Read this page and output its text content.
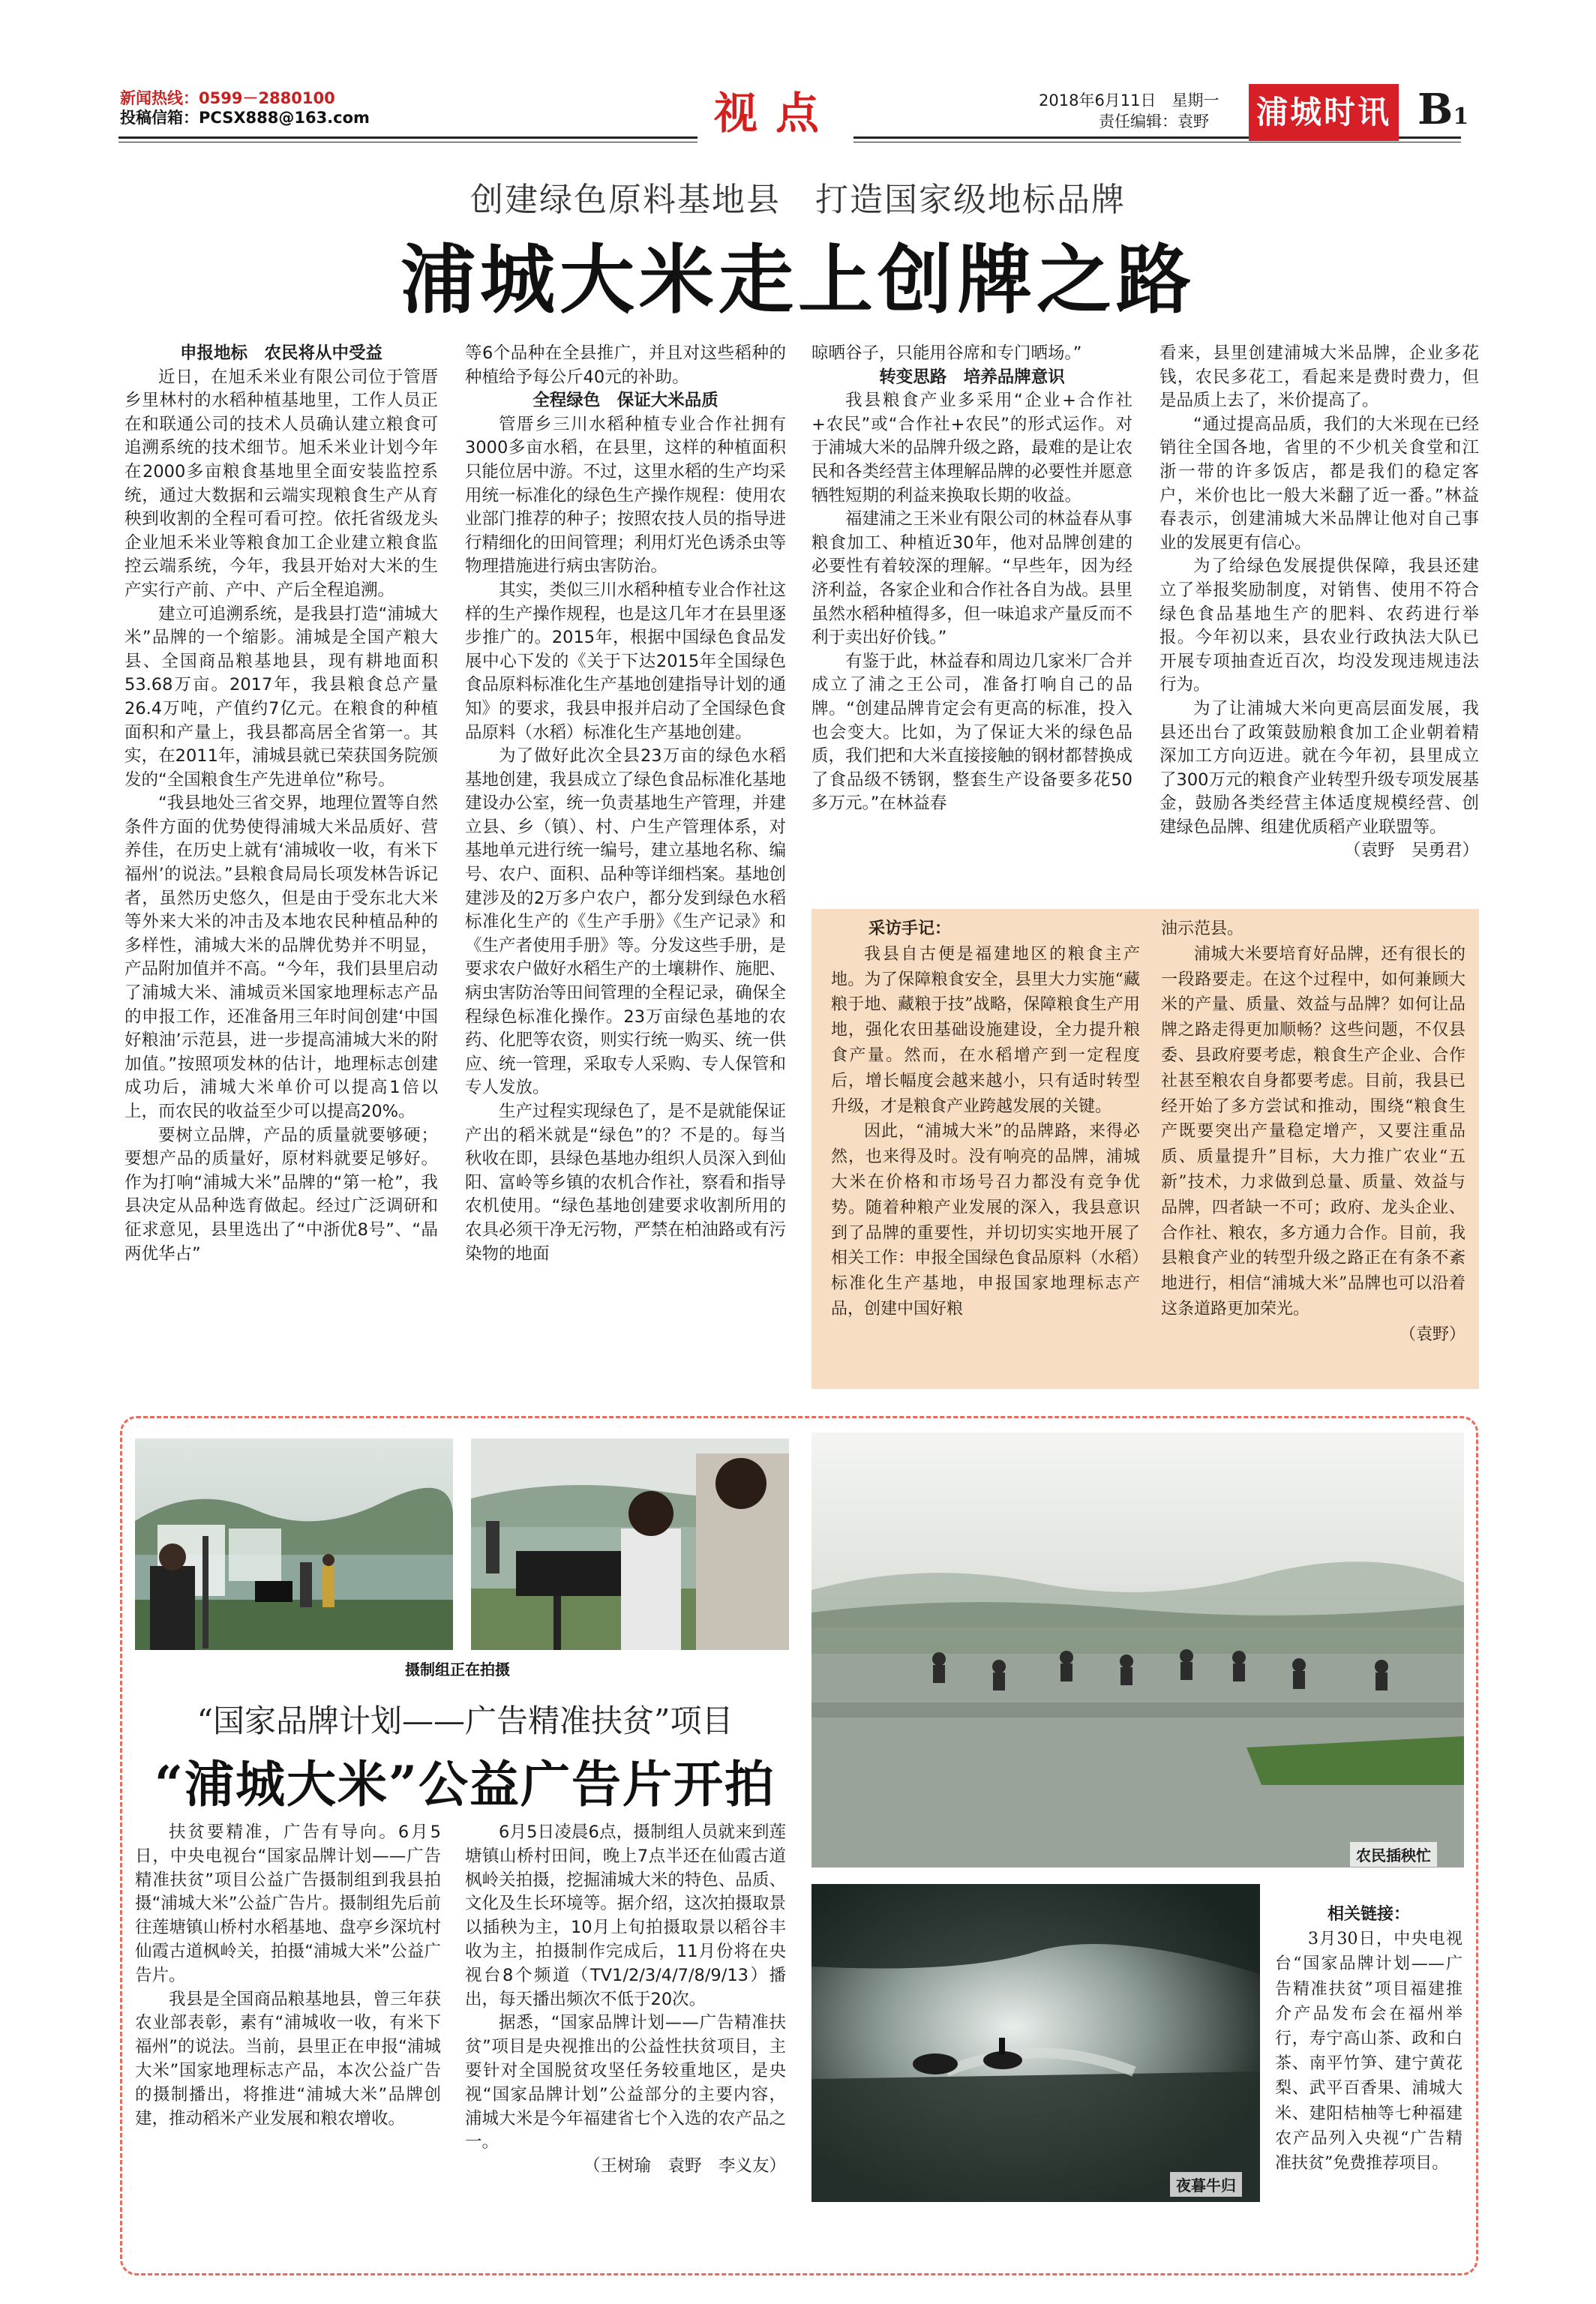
新闻热线：0599－2880100
投稿信箱：PCSX888@163.com	视点	2018年6月11日　星期一
责任编辑：袁野	浦城时讯 B1
创建绿色原料基地县　打造国家级地标品牌
浦城大米走上创牌之路

申报地标　农民将从中受益

近日，在旭禾米业有限公司位于管厝乡里林村的水稻种植基地里，工作人员正在和联通公司的技术人员确认建立粮食可追溯系统的技术细节。旭禾米业计划今年在2000多亩粮食基地里全面安装监控系统，通过大数据和云端实现粮食生产从育秧到收割的全程可看可控。依托省级龙头企业旭禾米业等粮食加工企业建立粮食监控云端系统，今年，我县开始对大米的生产实行产前、产中、产后全程追溯。

建立可追溯系统，是我县打造“浦城大米”品牌的一个缩影。浦城是全国产粮大县、全国商品粮基地县，现有耕地面积53.68万亩。2017年，我县粮食总产量26.4万吨，产值约7亿元。在粮食的种植面积和产量上，我县都高居全省第一。其实，在2011年，浦城县就已荣获国务院颁发的“全国粮食生产先进单位”称号。

“我县地处三省交界，地理位置等自然条件方面的优势使得浦城大米品质好、营养佳，在历史上就有‘浦城收一收，有米下福州’的说法。”县粮食局局长项发林告诉记者，虽然历史悠久，但是由于受东北大米等外来大米的冲击及本地农民种植品种的多样性，浦城大米的品牌优势并不明显，产品附加值并不高。“今年，我们县里启动了浦城大米、浦城贡米国家地理标志产品的申报工作，还准备用三年时间创建‘中国好粮油’示范县，进一步提高浦城大米的附加值。”按照项发林的估计，地理标志创建成功后，浦城大米单价可以提高1倍以上，而农民的收益至少可以提高20%。

要树立品牌，产品的质量就要够硬；要想产品的质量好，原材料就要足够好。作为打响“浦城大米”品牌的“第一枪”，我县决定从品种选育做起。经过广泛调研和征求意见，县里选出了“中浙优8号”、“晶两优华占”

等6个品种在全县推广，并且对这些稻种的种植给予每公斤40元的补助。

全程绿色　保证大米品质

管厝乡三川水稻种植专业合作社拥有3000多亩水稻，在县里，这样的种植面积只能位居中游。不过，这里水稻的生产均采用统一标准化的绿色生产操作规程：使用农业部门推荐的种子；按照农技人员的指导进行精细化的田间管理；利用灯光色诱杀虫等物理措施进行病虫害防治。

其实，类似三川水稻种植专业合作社这样的生产操作规程，也是这几年才在县里逐步推广的。2015年，根据中国绿色食品发展中心下发的《关于下达2015年全国绿色食品原料标准化生产基地创建指导计划的通知》的要求，我县申报并启动了全国绿色食品原料（水稻）标准化生产基地创建。

为了做好此次全县23万亩的绿色水稻基地创建，我县成立了绿色食品标准化基地建设办公室，统一负责基地生产管理，并建立县、乡（镇）、村、户生产管理体系，对基地单元进行统一编号，建立基地名称、编号、农户、面积、品种等详细档案。基地创建涉及的2万多户农户，都分发到绿色水稻标准化生产的《生产手册》《生产记录》和《生产者使用手册》等。分发这些手册，是要求农户做好水稻生产的土壤耕作、施肥、病虫害防治等田间管理的全程记录，确保全程绿色标准化操作。23万亩绿色基地的农药、化肥等农资，则实行统一购买、统一供应、统一管理，采取专人采购、专人保管和专人发放。

生产过程实现绿色了，是不是就能保证产出的稻米就是“绿色”的？不是的。每当秋收在即，县绿色基地办组织人员深入到仙阳、富岭等乡镇的农机合作社，察看和指导农机使用。“绿色基地创建要求收割所用的农具必须干净无污物，严禁在柏油路或有污染物的地面

晾晒谷子，只能用谷席和专门晒场。”

转变思路　培养品牌意识

我县粮食产业多采用“企业+合作社+农民”或“合作社+农民”的形式运作。对于浦城大米的品牌升级之路，最难的是让农民和各类经营主体理解品牌的必要性并愿意牺牲短期的利益来换取长期的收益。

福建浦之王米业有限公司的林益春从事粮食加工、种植近30年，他对品牌创建的必要性有着较深的理解。“早些年，因为经济利益，各家企业和合作社各自为战。县里虽然水稻种植得多，但一味追求产量反而不利于卖出好价钱。”

有鉴于此，林益春和周边几家米厂合并成立了浦之王公司，准备打响自己的品牌。“创建品牌肯定会有更高的标准，投入也会变大。比如，为了保证大米的绿色品质，我们把和大米直接接触的钢材都替换成了食品级不锈钢，整套生产设备要多花50多万元。”在林益春

看来，县里创建浦城大米品牌，企业多花钱，农民多花工，看起来是费时费力，但是品质上去了，米价提高了。

“通过提高品质，我们的大米现在已经销往全国各地，省里的不少机关食堂和江浙一带的许多饭店，都是我们的稳定客户，米价也比一般大米翻了近一番。”林益春表示，创建浦城大米品牌让他对自己事业的发展更有信心。

为了给绿色发展提供保障，我县还建立了举报奖励制度，对销售、使用不符合绿色食品基地生产的肥料、农药进行举报。今年初以来，县农业行政执法大队已开展专项抽查近百次，均没发现违规违法行为。

为了让浦城大米向更高层面发展，我县还出台了政策鼓励粮食加工企业朝着精深加工方向迈进。就在今年初，县里成立了300万元的粮食产业转型升级专项发展基金，鼓励各类经营主体适度规模经营、创建绿色品牌、组建优质稻产业联盟等。

（袁野　吴勇君）

采访手记：

我县自古便是福建地区的粮食主产地。为了保障粮食安全，县里大力实施“藏粮于地、藏粮于技”战略，保障粮食生产用地，强化农田基础设施建设，全力提升粮食产量。然而，在水稻增产到一定程度后，增长幅度会越来越小，只有适时转型升级，才是粮食产业跨越发展的关键。

因此，“浦城大米”的品牌路，来得必然，也来得及时。没有响亮的品牌，浦城大米在价格和市场号召力都没有竞争优势。随着种粮产业发展的深入，我县意识到了品牌的重要性，并切切实实地开展了相关工作：申报全国绿色食品原料（水稻）标准化生产基地，申报国家地理标志产品，创建中国好粮

油示范县。

浦城大米要培育好品牌，还有很长的一段路要走。在这个过程中，如何兼顾大米的产量、质量、效益与品牌？如何让品牌之路走得更加顺畅？这些问题，不仅县委、县政府要考虑，粮食生产企业、合作社甚至粮农自身都要考虑。目前，我县已经开始了多方尝试和推动，围绕“粮食生产既要突出产量稳定增产，又要注重品质、质量提升”目标，大力推广农业“五新”技术，力求做到总量、质量、效益与品牌，四者缺一不可；政府、龙头企业、合作社、粮农，多方通力合作。目前，我县粮食产业的转型升级之路正在有条不紊地进行，相信“浦城大米”品牌也可以沿着这条道路更加荣光。

（袁野）

摄制组正在拍摄
“国家品牌计划——广告精准扶贫”项目
“浦城大米”公益广告片开拍
农民插秧忙
夜暮牛归

扶贫要精准，广告有导向。6月5日，中央电视台“国家品牌计划——广告精准扶贫”项目公益广告摄制组到我县拍摄“浦城大米”公益广告片。摄制组先后前往莲塘镇山桥村水稻基地、盘亭乡深坑村仙霞古道枫岭关，拍摄“浦城大米”公益广告片。

我县是全国商品粮基地县，曾三年获农业部表彰，素有“浦城收一收，有米下福州”的说法。当前，县里正在申报“浦城大米”国家地理标志产品，本次公益广告的摄制播出，将推进“浦城大米”品牌创建，推动稻米产业发展和粮农增收。

6月5日凌晨6点，摄制组人员就来到莲塘镇山桥村田间，晚上7点半还在仙霞古道枫岭关拍摄，挖掘浦城大米的特色、品质、文化及生长环境等。据介绍，这次拍摄取景以插秧为主，10月上旬拍摄取景以稻谷丰收为主，拍摄制作完成后，11月份将在央视台8个频道（TV1/2/3/4/7/8/9/13）播出，每天播出频次不低于20次。

据悉，“国家品牌计划——广告精准扶贫”项目是央视推出的公益性扶贫项目，主要针对全国脱贫攻坚任务较重地区，是央视“国家品牌计划”公益部分的主要内容，浦城大米是今年福建省七个入选的农产品之一。

（王树瑜　袁野　李义友）

相关链接：

3月30日，中央电视台“国家品牌计划——广告精准扶贫”项目福建推介产品发布会在福州举行，寿宁高山茶、政和白茶、南平竹笋、建宁黄花梨、武平百香果、浦城大米、建阳桔柚等七种福建农产品列入央视“广告精准扶贫”免费推荐项目。
